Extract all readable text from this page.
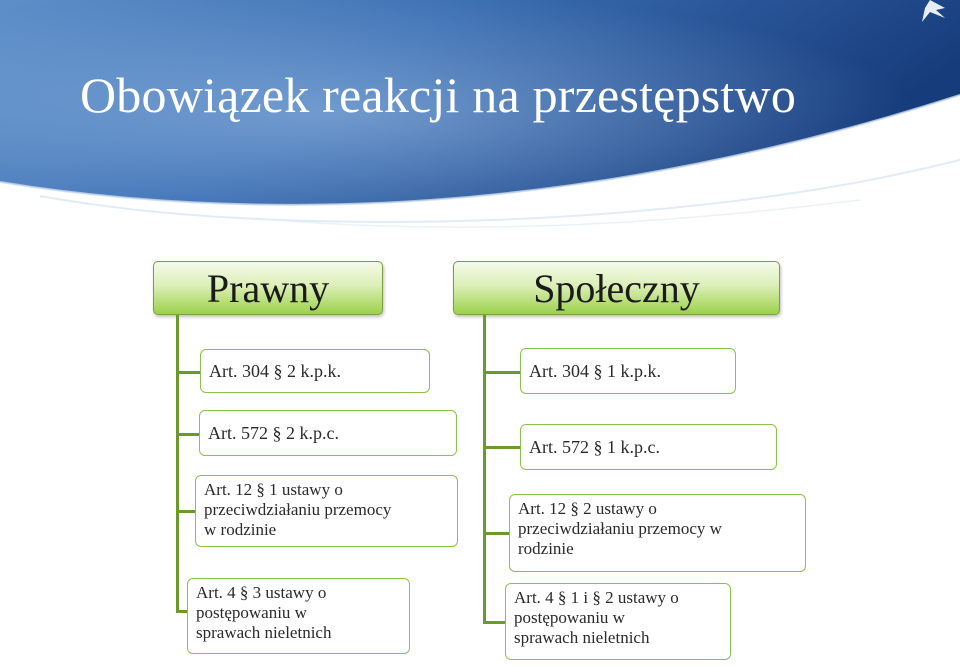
Obowiązek reakcji na przestępstwo
Prawny
Art. 304 § 2 k.p.k.
Art. 572 § 2 k.p.c.
Art. 12 § 1 ustawy o
przeciwdziałaniu przemocy
w rodzinie
Art. 4 § 3 ustawy o
postępowaniu w
sprawach nieletnich
Społeczny
Art. 304 § 1 k.p.k.
Art. 572 § 1 k.p.c.
Art. 12 § 2 ustawy o
przeciwdziałaniu przemocy w
rodzinie
Art. 4 § 1 i § 2 ustawy o
postępowaniu w
sprawach nieletnich
